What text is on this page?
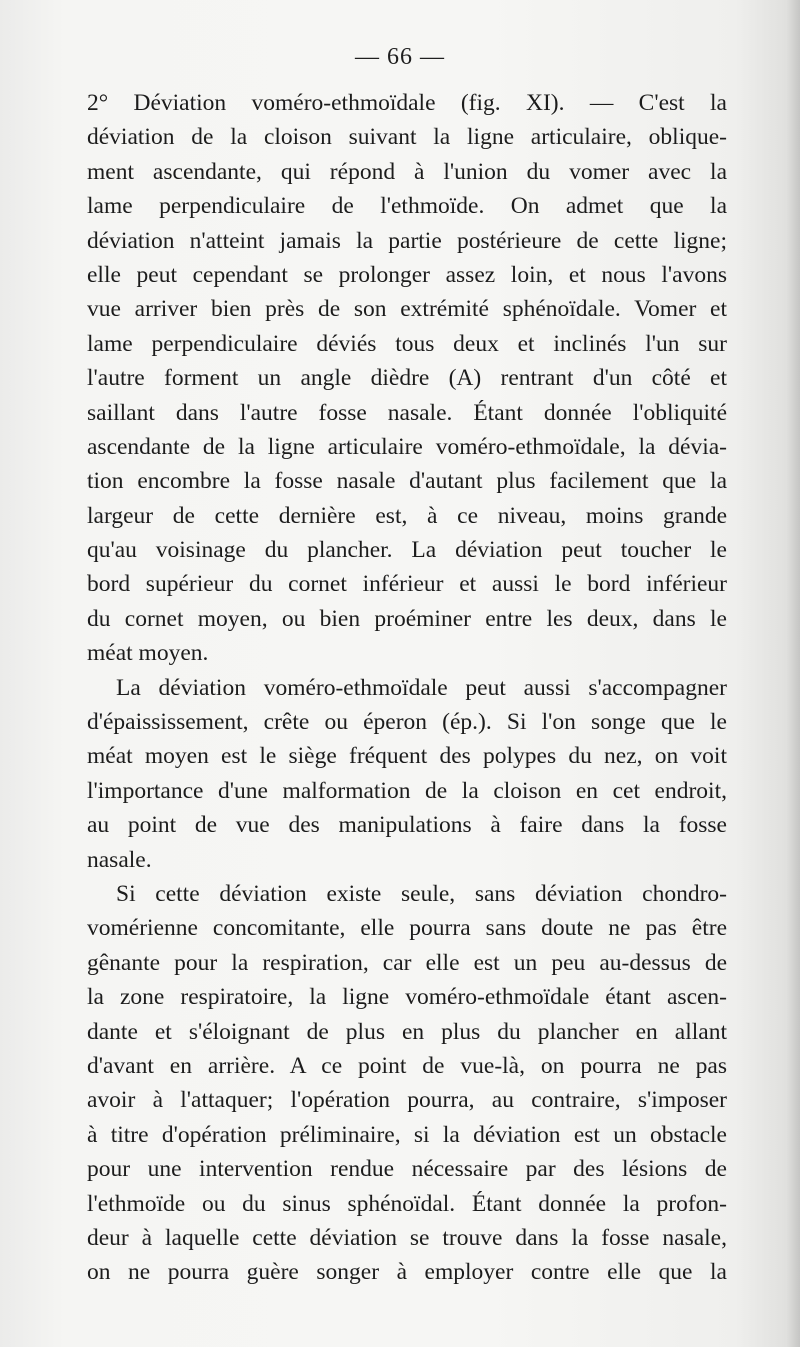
— 66 —
2° Déviation voméro-ethmoïdale (fig. XI). — C'est la
déviation de la cloison suivant la ligne articulaire, oblique-
ment ascendante, qui répond à l'union du vomer avec la
lame perpendiculaire de l'ethmoïde. On admet que la
déviation n'atteint jamais la partie postérieure de cette ligne;
elle peut cependant se prolonger assez loin, et nous l'avons
vue arriver bien près de son extrémité sphénoïdale. Vomer et
lame perpendiculaire déviés tous deux et inclinés l'un sur
l'autre forment un angle dièdre (A) rentrant d'un côté et
saillant dans l'autre fosse nasale. Étant donnée l'obliquité
ascendante de la ligne articulaire voméro-ethmoïdale, la dévia-
tion encombre la fosse nasale d'autant plus facilement que la
largeur de cette dernière est, à ce niveau, moins grande
qu'au voisinage du plancher. La déviation peut toucher le
bord supérieur du cornet inférieur et aussi le bord inférieur
du cornet moyen, ou bien proéminer entre les deux, dans le
méat moyen.
La déviation voméro-ethmoïdale peut aussi s'accompagner
d'épaississement, crête ou éperon (ép.). Si l'on songe que le
méat moyen est le siège fréquent des polypes du nez, on voit
l'importance d'une malformation de la cloison en cet endroit,
au point de vue des manipulations à faire dans la fosse
nasale.
Si cette déviation existe seule, sans déviation chondro-
vomérienne concomitante, elle pourra sans doute ne pas être
gênante pour la respiration, car elle est un peu au-dessus de
la zone respiratoire, la ligne voméro-ethmoïdale étant ascen-
dante et s'éloignant de plus en plus du plancher en allant
d'avant en arrière. A ce point de vue-là, on pourra ne pas
avoir à l'attaquer; l'opération pourra, au contraire, s'imposer
à titre d'opération préliminaire, si la déviation est un obstacle
pour une intervention rendue nécessaire par des lésions de
l'ethmoïde ou du sinus sphénoïdal. Étant donnée la profon-
deur à laquelle cette déviation se trouve dans la fosse nasale,
on ne pourra guère songer à employer contre elle que la
